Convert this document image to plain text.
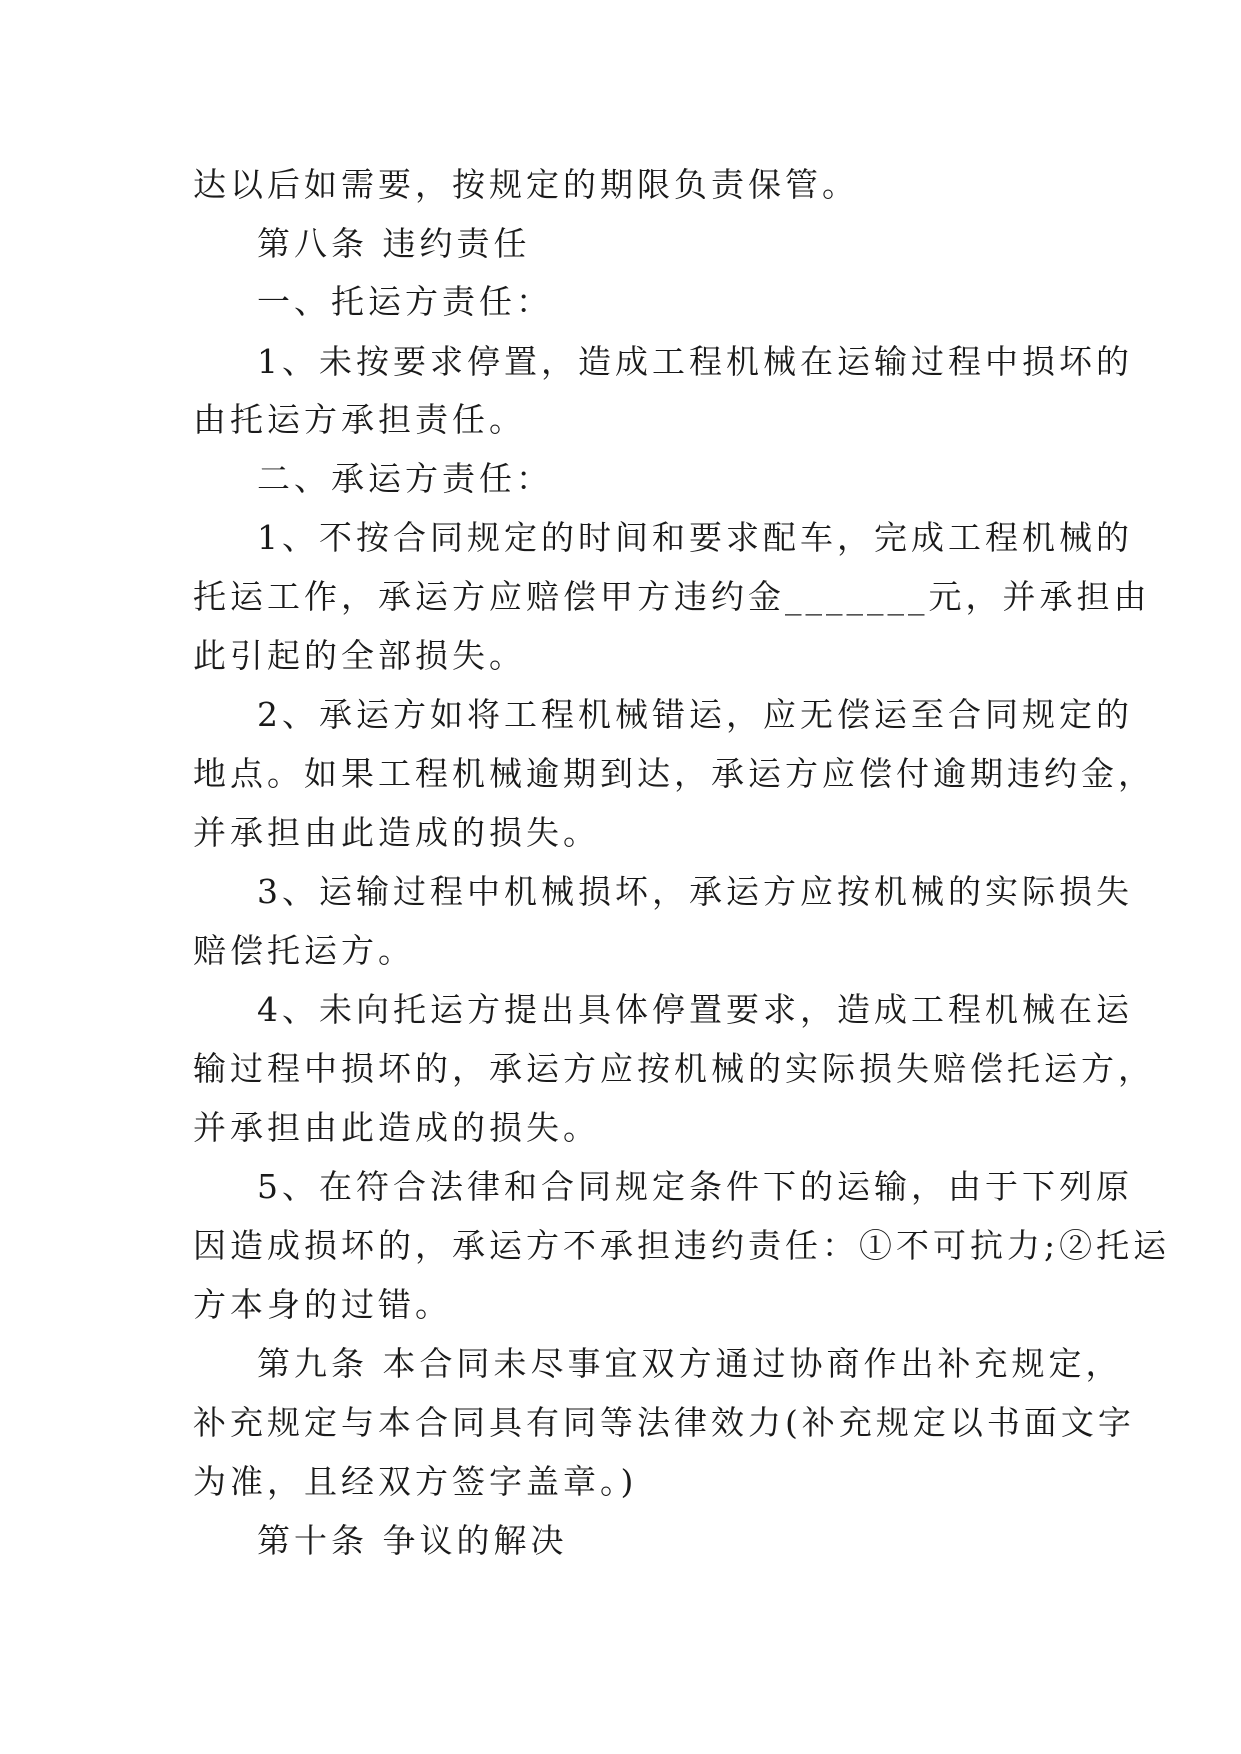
达以后如需要，按规定的期限负责保管。
第八条 违约责任
一、托运方责任：
1、未按要求停置，造成工程机械在运输过程中损坏的
由托运方承担责任。
二、承运方责任：
1、不按合同规定的时间和要求配车，完成工程机械的
托运工作，承运方应赔偿甲方违约金_______元，并承担由
此引起的全部损失。
2、承运方如将工程机械错运，应无偿运至合同规定的
地点。如果工程机械逾期到达，承运方应偿付逾期违约金，
并承担由此造成的损失。
3、运输过程中机械损坏，承运方应按机械的实际损失
赔偿托运方。
4、未向托运方提出具体停置要求，造成工程机械在运
输过程中损坏的，承运方应按机械的实际损失赔偿托运方，
并承担由此造成的损失。
5、在符合法律和合同规定条件下的运输，由于下列原
因造成损坏的，承运方不承担违约责任：①不可抗力;②托运
方本身的过错。
第九条 本合同未尽事宜双方通过协商作出补充规定，
补充规定与本合同具有同等法律效力(补充规定以书面文字
为准，且经双方签字盖章。)
第十条 争议的解决
